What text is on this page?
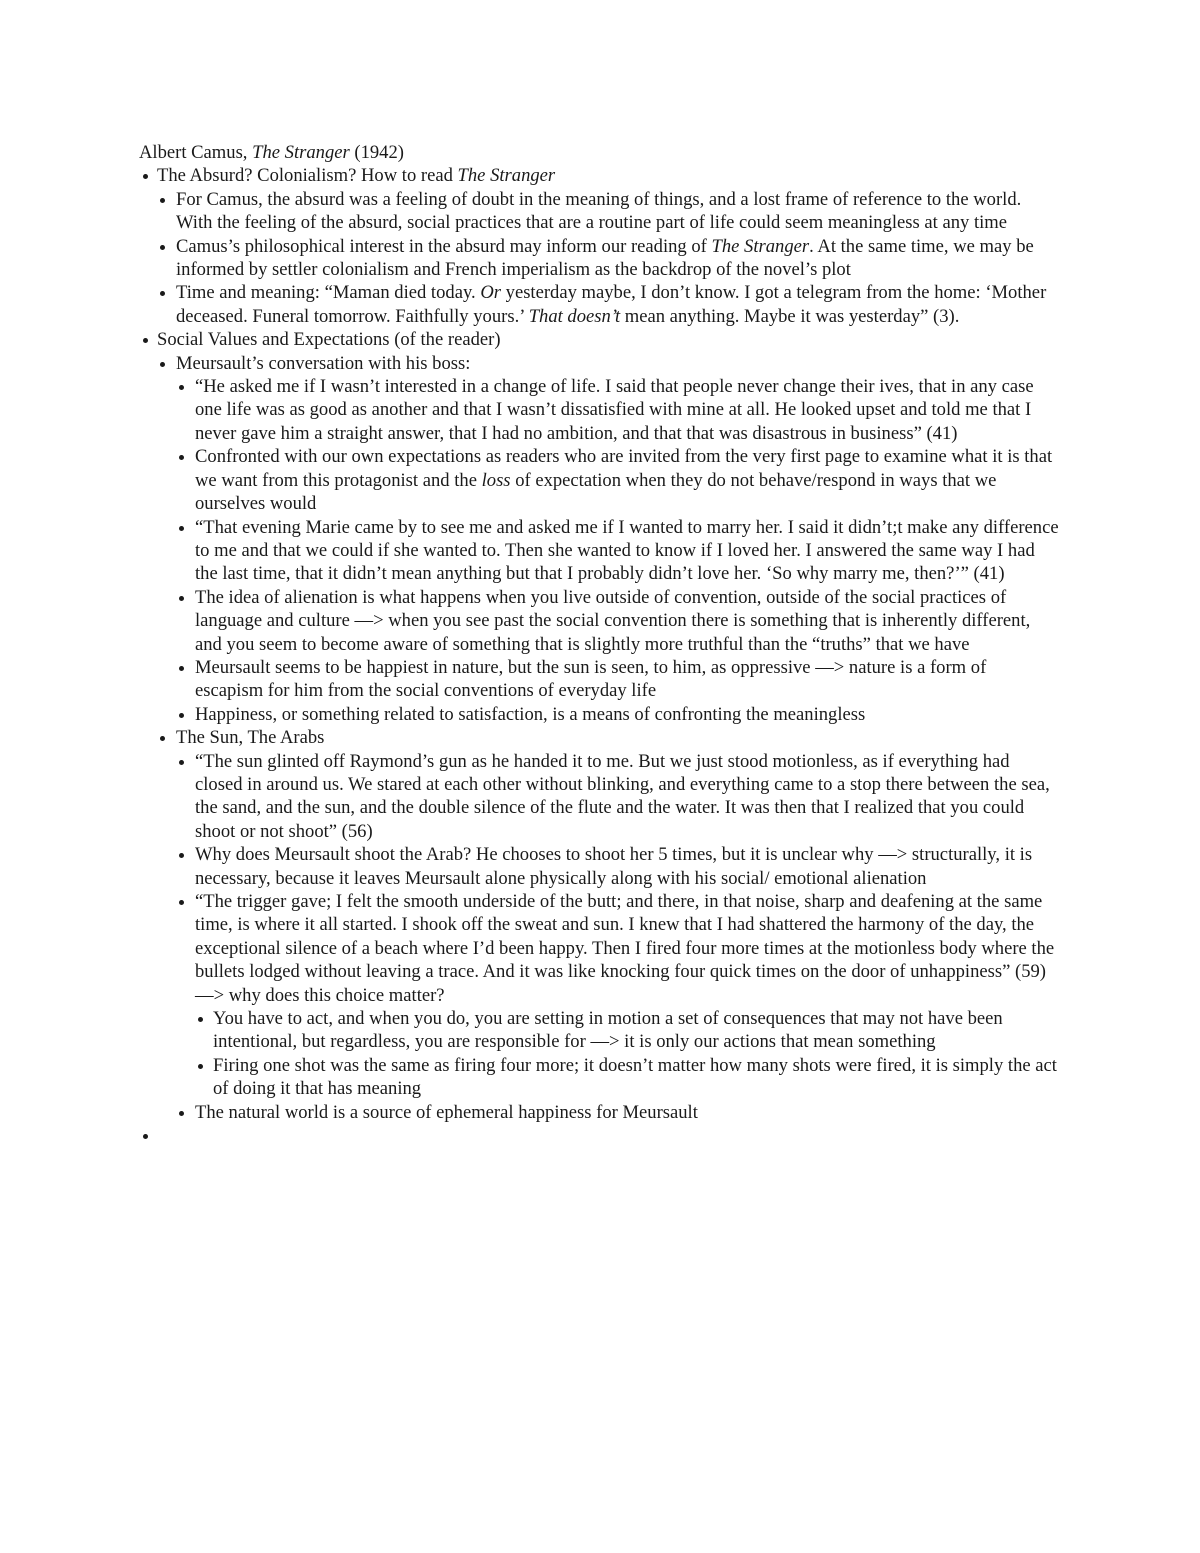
Albert Camus, The Stranger (1942)
The Absurd? Colonialism? How to read The Stranger
For Camus, the absurd was a feeling of doubt in the meaning of things, and a lost frame of reference to the world. With the feeling of the absurd, social practices that are a routine part of life could seem meaningless at any time
Camus’s philosophical interest in the absurd may inform our reading of The Stranger. At the same time, we may be informed by settler colonialism and French imperialism as the backdrop of the novel’s plot
Time and meaning: “Maman died today. Or yesterday maybe, I don’t know. I got a telegram from the home: ‘Mother deceased. Funeral tomorrow. Faithfully yours.’ That doesn’t mean anything. Maybe it was yesterday” (3).
Social Values and Expectations (of the reader)
Meursault’s conversation with his boss:
“He asked me if I wasn’t interested in a change of life. I said that people never change their ives, that in any case one life was as good as another and that I wasn’t dissatisfied with mine at all. He looked upset and told me that I never gave him a straight answer, that I had no ambition, and that that was disastrous in business” (41)
Confronted with our own expectations as readers who are invited from the very first page to examine what it is that we want from this protagonist and the loss of expectation when they do not behave/respond in ways that we ourselves would
“That evening Marie came by to see me and asked me if I wanted to marry her. I said it didn’t;t make any difference to me and that we could if she wanted to. Then she wanted to know if I loved her. I answered the same way I had the last time, that it didn’t mean anything but that I probably didn’t love her. ‘So why marry me, then?’” (41)
The idea of alienation is what happens when you live outside of convention, outside of the social practices of language and culture —> when you see past the social convention there is something that is inherently different, and you seem to become aware of something that is slightly more truthful than the “truths” that we have
Meursault seems to be happiest in nature, but the sun is seen, to him, as oppressive —> nature is a form of escapism for him from the social conventions of everyday life
Happiness, or something related to satisfaction, is a means of confronting the meaningless
The Sun, The Arabs
“The sun glinted off Raymond’s gun as he handed it to me. But we just stood motionless, as if everything had closed in around us. We stared at each other without blinking, and everything came to a stop there between the sea, the sand, and the sun, and the double silence of the flute and the water. It was then that I realized that you could shoot or not shoot” (56)
Why does Meursault shoot the Arab? He chooses to shoot her 5 times, but it is unclear why —> structurally, it is necessary, because it leaves Meursault alone physically along with his social/ emotional alienation
“The trigger gave; I felt the smooth underside of the butt; and there, in that noise, sharp and deafening at the same time, is where it all started. I shook off the sweat and sun. I knew that I had shattered the harmony of the day, the exceptional silence of a beach where I’d been happy. Then I fired four more times at the motionless body where the bullets lodged without leaving a trace. And it was like knocking four quick times on the door of unhappiness” (59) —> why does this choice matter?
You have to act, and when you do, you are setting in motion a set of consequences that may not have been intentional, but regardless, you are responsible for —> it is only our actions that mean something
Firing one shot was the same as firing four more; it doesn’t matter how many shots were fired, it is simply the act of doing it that has meaning
The natural world is a source of ephemeral happiness for Meursault
